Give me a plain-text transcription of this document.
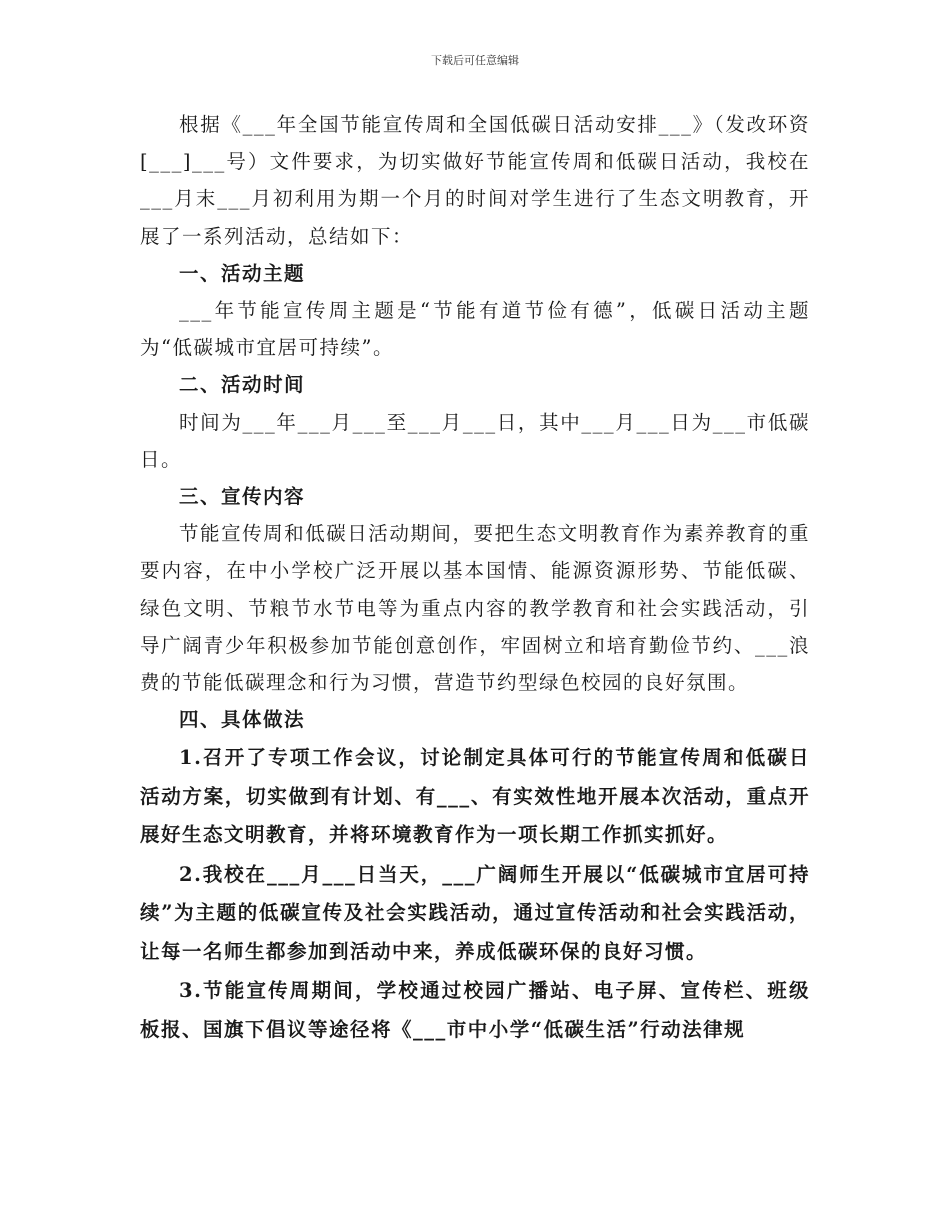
下载后可任意编辑

根据《___年全国节能宣传周和全国低碳日活动安排___》（发改环资[___]___号）文件要求，为切实做好节能宣传周和低碳日活动，我校在___月末___月初利用为期一个月的时间对学生进行了生态文明教育，开展了一系列活动，总结如下：

一、活动主题

___年节能宣传周主题是“节能有道节俭有德”，低碳日活动主题为“低碳城市宜居可持续”。

二、活动时间

时间为___年___月___至___月___日，其中___月___日为___市低碳日。

三、宣传内容

节能宣传周和低碳日活动期间，要把生态文明教育作为素养教育的重要内容，在中小学校广泛开展以基本国情、能源资源形势、节能低碳、绿色文明、节粮节水节电等为重点内容的教学教育和社会实践活动，引导广阔青少年积极参加节能创意创作，牢固树立和培育勤俭节约、___浪费的节能低碳理念和行为习惯，营造节约型绿色校园的良好氛围。

四、具体做法

1.召开了专项工作会议，讨论制定具体可行的节能宣传周和低碳日活动方案，切实做到有计划、有___、有实效性地开展本次活动，重点开展好生态文明教育，并将环境教育作为一项长期工作抓实抓好。

2.我校在___月___日当天，___广阔师生开展以“低碳城市宜居可持续”为主题的低碳宣传及社会实践活动，通过宣传活动和社会实践活动，让每一名师生都参加到活动中来，养成低碳环保的良好习惯。

3.节能宣传周期间，学校通过校园广播站、电子屏、宣传栏、班级板报、国旗下倡议等途径将《___市中小学“低碳生活”行动法律规
